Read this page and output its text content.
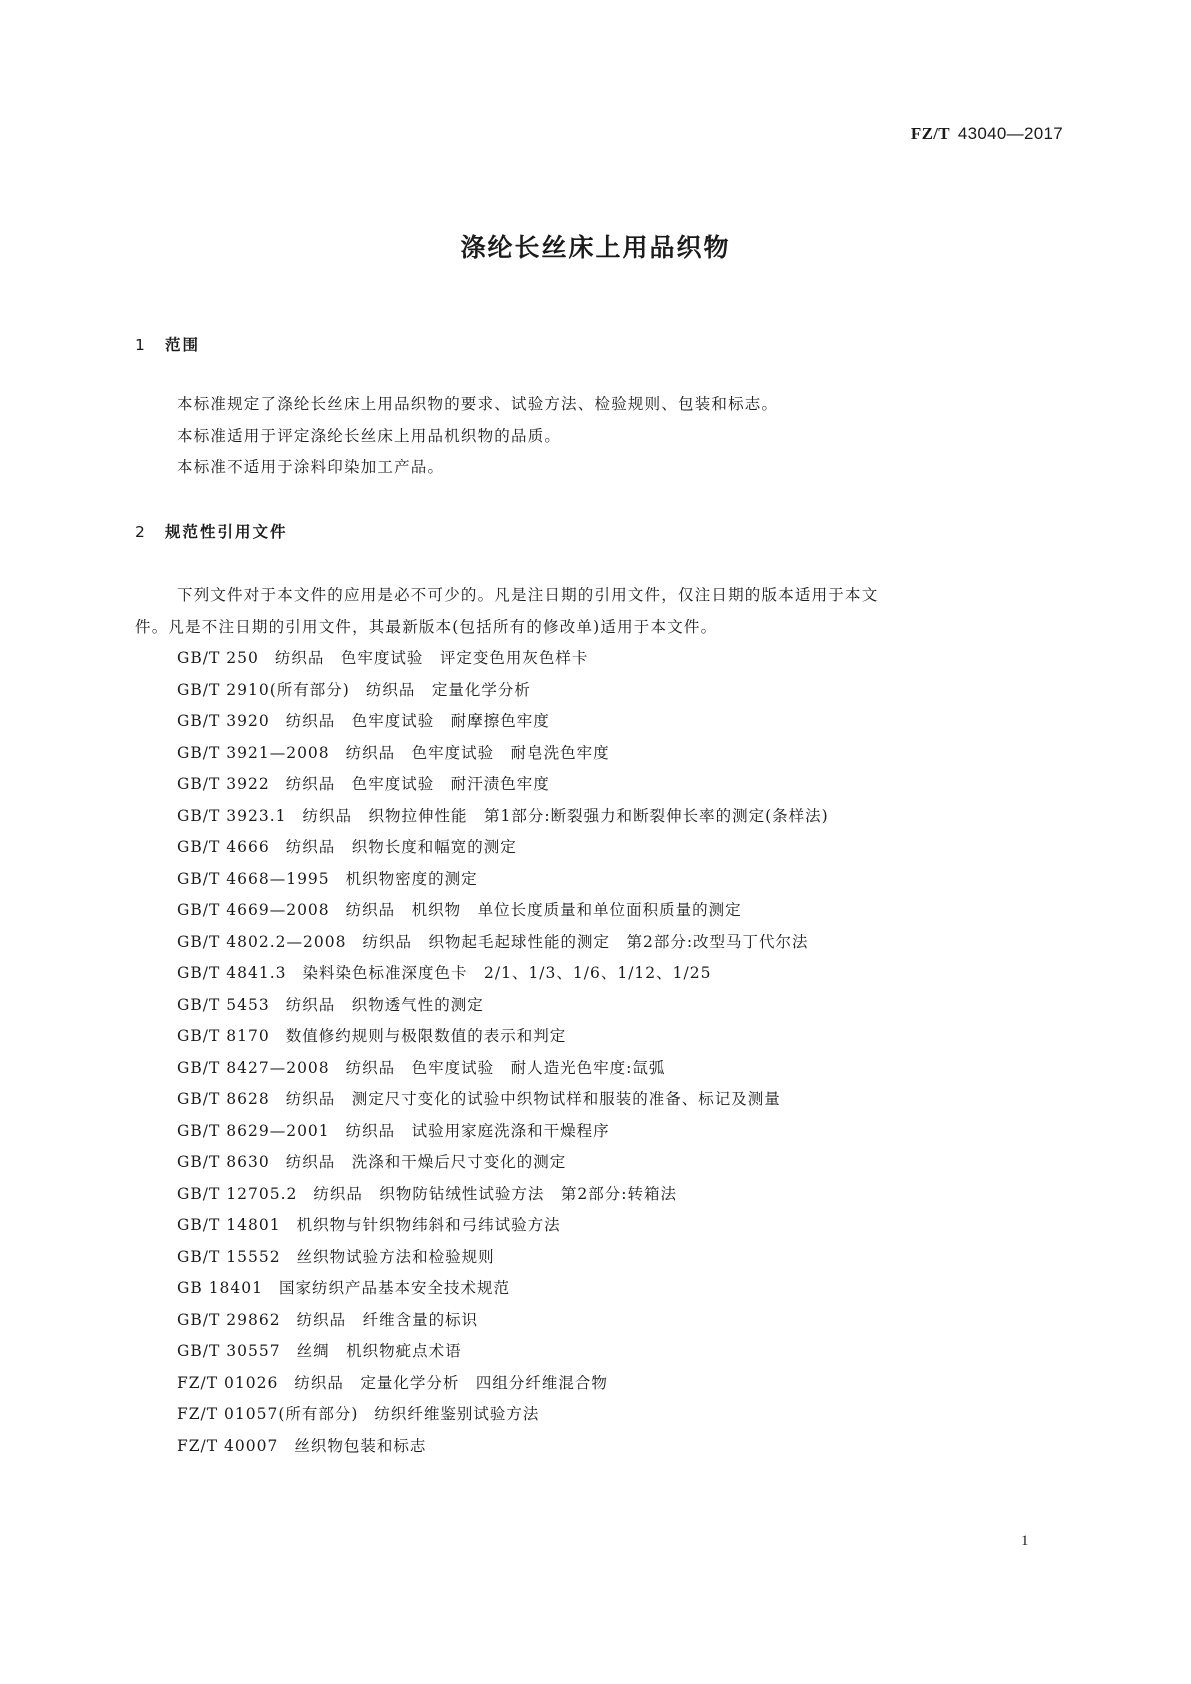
FZ/T 43040—2017
涤纶长丝床上用品织物
1 范围
本标准规定了涤纶长丝床上用品织物的要求、试验方法、检验规则、包装和标志。
本标准适用于评定涤纶长丝床上用品机织物的品质。
本标准不适用于涂料印染加工产品。
2 规范性引用文件
下列文件对于本文件的应用是必不可少的。凡是注日期的引用文件，仅注日期的版本适用于本文
件。凡是不注日期的引用文件，其最新版本(包括所有的修改单)适用于本文件。
GB/T 250 纺织品　色牢度试验　评定变色用灰色样卡
GB/T 2910(所有部分) 纺织品　定量化学分析
GB/T 3920 纺织品　色牢度试验　耐摩擦色牢度
GB/T 3921—2008 纺织品　色牢度试验　耐皂洗色牢度
GB/T 3922 纺织品　色牢度试验　耐汗渍色牢度
GB/T 3923.1 纺织品　织物拉伸性能　第1部分:断裂强力和断裂伸长率的测定(条样法)
GB/T 4666 纺织品　织物长度和幅宽的测定
GB/T 4668—1995 机织物密度的测定
GB/T 4669—2008 纺织品　机织物　单位长度质量和单位面积质量的测定
GB/T 4802.2—2008 纺织品　织物起毛起球性能的测定　第2部分:改型马丁代尔法
GB/T 4841.3 染料染色标准深度色卡　2/1、1/3、1/6、1/12、1/25
GB/T 5453 纺织品　织物透气性的测定
GB/T 8170 数值修约规则与极限数值的表示和判定
GB/T 8427—2008 纺织品　色牢度试验　耐人造光色牢度:氙弧
GB/T 8628 纺织品　测定尺寸变化的试验中织物试样和服装的准备、标记及测量
GB/T 8629—2001 纺织品　试验用家庭洗涤和干燥程序
GB/T 8630 纺织品　洗涤和干燥后尺寸变化的测定
GB/T 12705.2 纺织品　织物防钻绒性试验方法　第2部分:转箱法
GB/T 14801 机织物与针织物纬斜和弓纬试验方法
GB/T 15552 丝织物试验方法和检验规则
GB 18401 国家纺织产品基本安全技术规范
GB/T 29862 纺织品　纤维含量的标识
GB/T 30557 丝绸　机织物疵点术语
FZ/T 01026 纺织品　定量化学分析　四组分纤维混合物
FZ/T 01057(所有部分) 纺织纤维鉴别试验方法
FZ/T 40007 丝织物包装和标志
1
